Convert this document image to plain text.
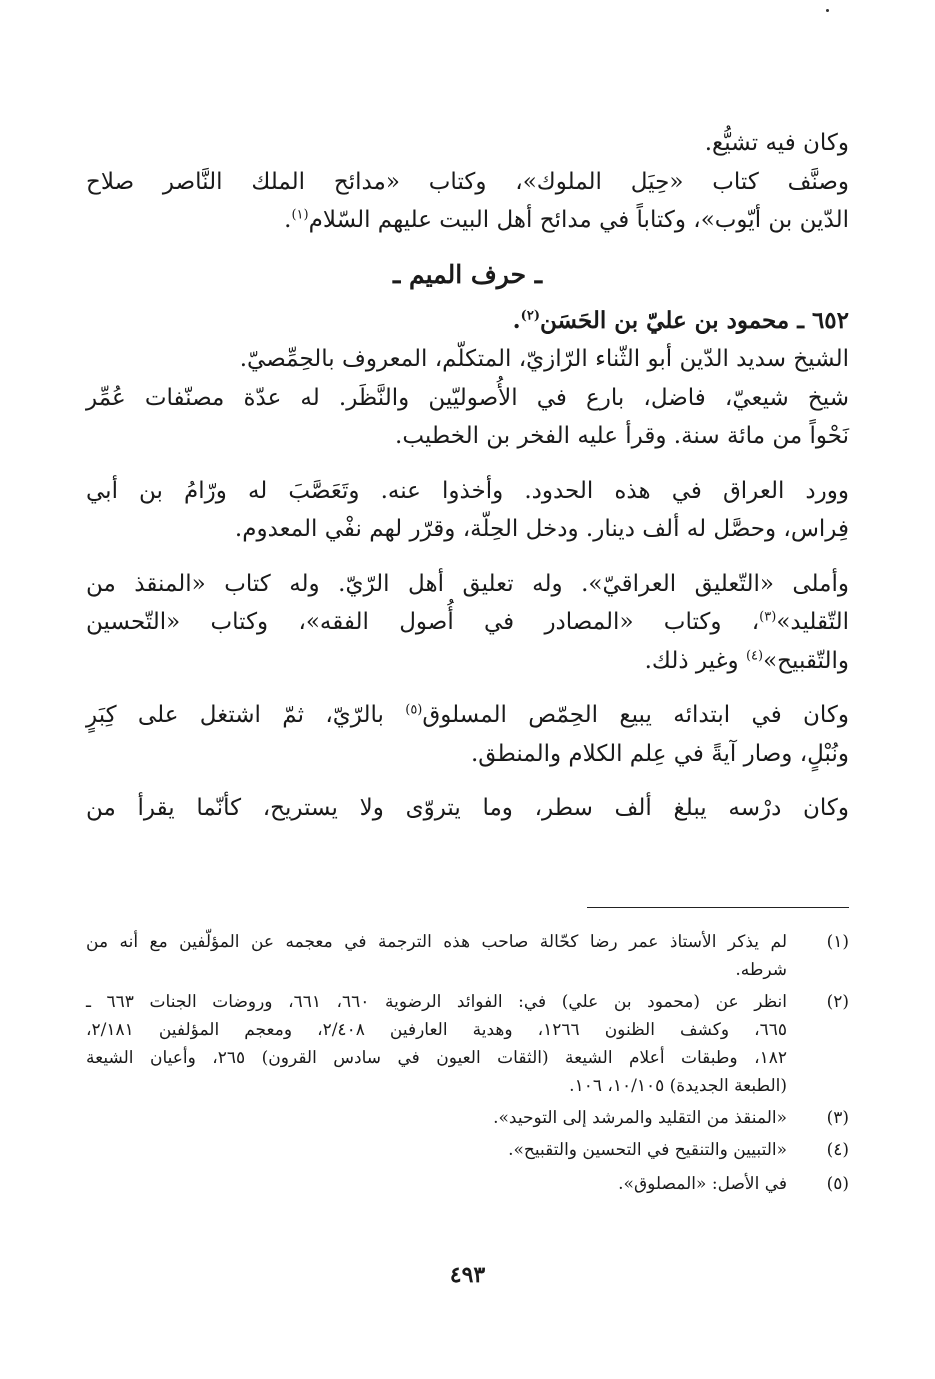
وكان فيه تشيُّع.
وصنَّف كتاب «حِيَل الملوك»، وكتاب «مدائح الملك النَّاصر صلاح
الدّين بن أيّوب»، وكتاباً في مدائح أهل البيت عليهم السّلام$^{(١)}$.
ـ حرف الميم ـ
٦٥٢ ـ محمود بن عليّ بن الحَسَن$^{(٢)}$.
الشيخ سديد الدّين أبو الثّناء الرّازيّ، المتكلّم، المعروف بالحِمِّصيّ.
شيخ شيعيّ، فاضل، بارع في الأُصوليّين والنَّظَر. له عدّة مصنّفات عُمِّر
نَحْواً من مائة سنة. وقرأ عليه الفخر بن الخطيب.
وورد العراق في هذه الحدود. وأخذوا عنه. وتَعَصَّبَ له ورّامُ بن أبي
فِراس، وحصَّل له ألف دينار. ودخل الحِلّة، وقرّر لهم نفْي المعدوم.
وأملى «التّعليق العراقيّ». وله تعليق أهل الرّيّ. وله كتاب «المنقذ من
التّقليد»$^{(٣)}$، وكتاب «المصادر في أُصول الفقه»، وكتاب «التّحسين
والتّقبيح»$^{(٤)}$ وغير ذلك.
وكان في ابتدائه يبيع الحِمّص المسلوق$^{(٥)}$ بالرّيّ، ثمّ اشتغل على كِبَرٍ
ونُبْلٍ، وصار آيةً في عِلم الكلام والمنطق.
وكان درْسه يبلغ ألف سطر، وما يتروّى ولا يستريح، كأنّما يقرأ من
(١)
لم يذكر الأستاذ عمر رضا كحّالة صاحب هذه الترجمة في معجمه عن المؤلّفين مع أنه من
شرطه.
(٢)
انظر عن (محمود بن علي) في: الفوائد الرضوية ٦٦٠، ٦٦١، وروضات الجنات ٦٦٣ ـ
٦٦٥، وكشف الظنون ١٢٦٦، وهدية العارفين ٢/٤٠٨، ومعجم المؤلفين ٢/١٨١،
١٨٢، وطبقات أعلام الشيعة (الثقات العيون في سادس القرون) ٢٦٥، وأعيان الشيعة
(الطبعة الجديدة) ١٠/١٠٥، ١٠٦.
(٣)
«المنقذ من التقليد والمرشد إلى التوحيد».
(٤)
«التبيين والتنقيح في التحسين والتقبيح».
(٥)
في الأصل: «المصلوق».
٤٩٣
